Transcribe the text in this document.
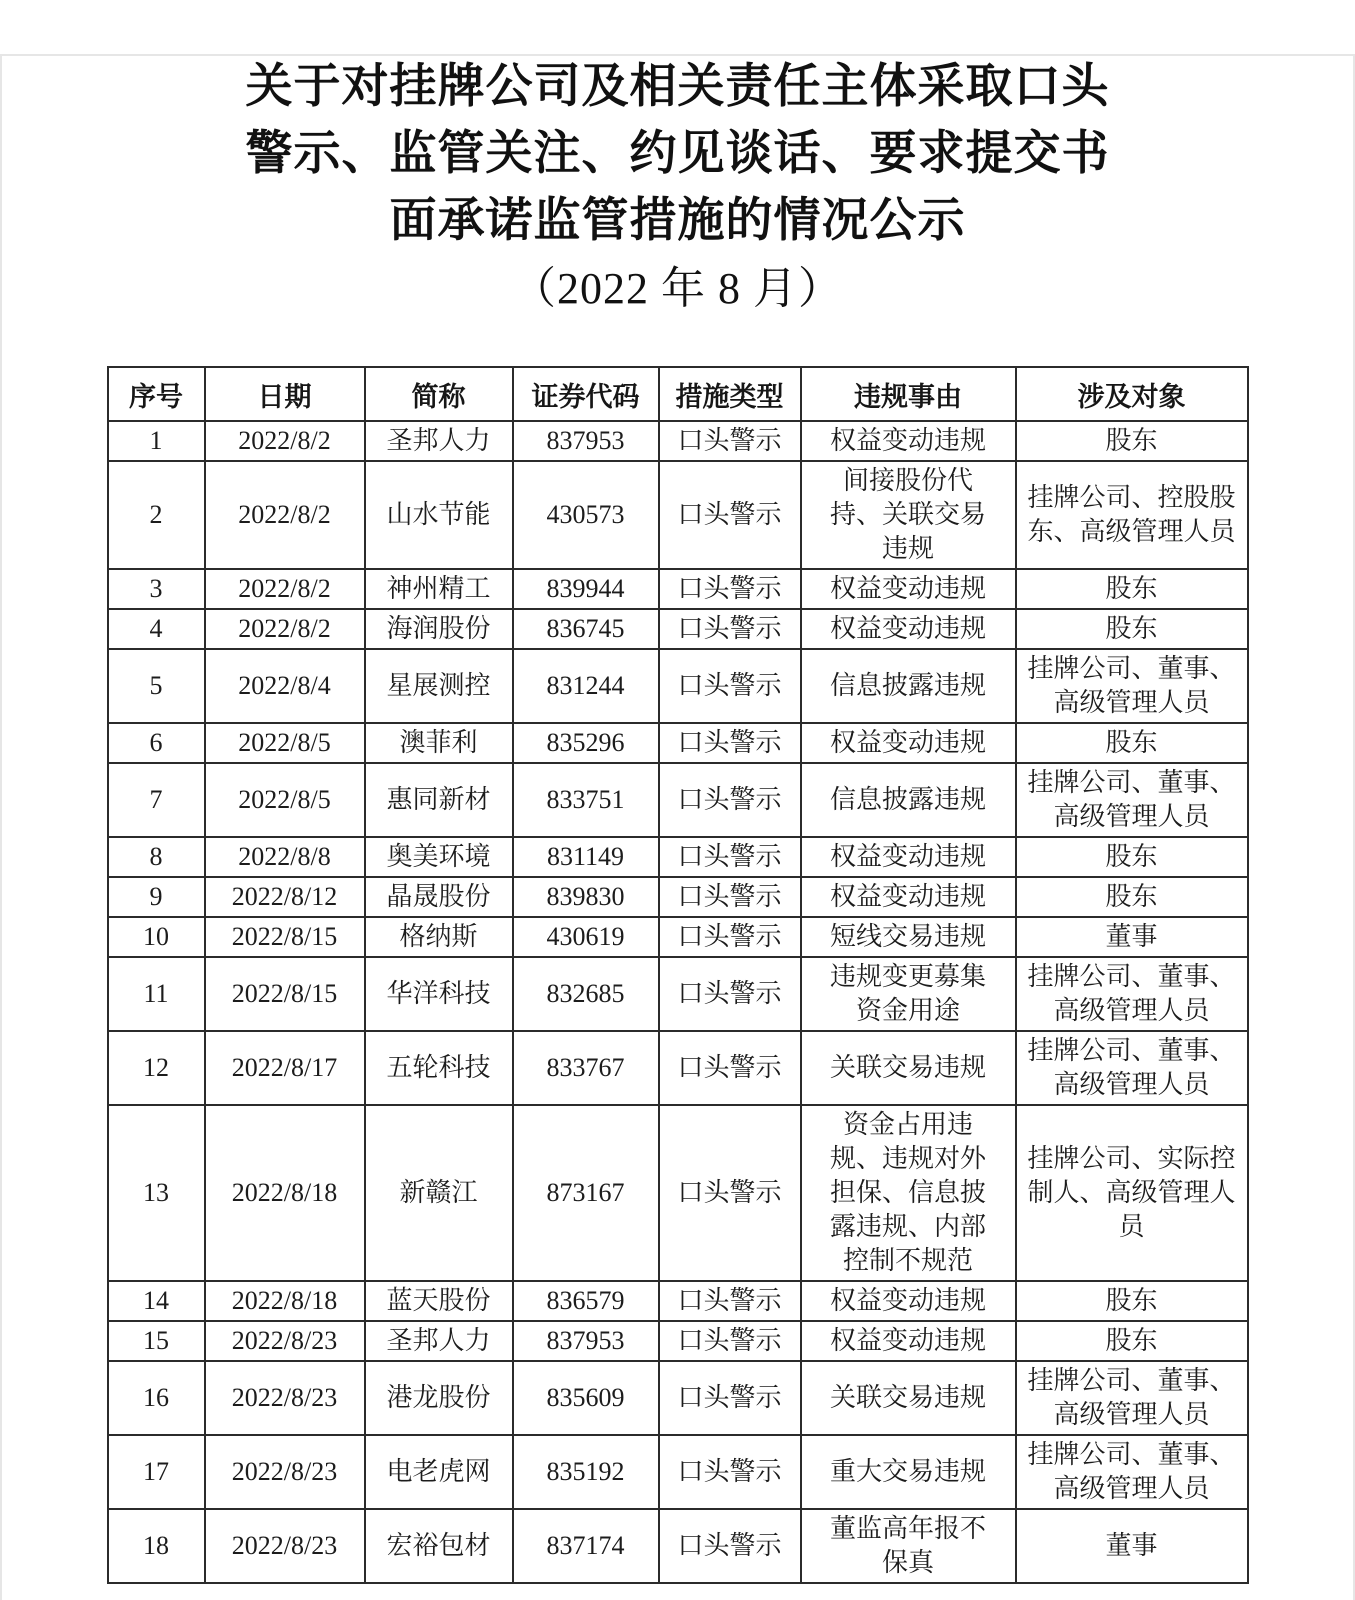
关于对挂牌公司及相关责任主体采取口头
警示、监管关注、约见谈话、要求提交书
面承诺监管措施的情况公示
（2022 年 8 月）
序号	日期	简称	证券代码	措施类型	违规事由	涉及对象

1	2022/8/2	圣邦人力	837953	口头警示	权益变动违规	股东

2	2022/8/2	山水节能	430573	口头警示	间接股份代持、关联交易违规	挂牌公司、控股股东、高级管理人员

3	2022/8/2	神州精工	839944	口头警示	权益变动违规	股东

4	2022/8/2	海润股份	836745	口头警示	权益变动违规	股东

5	2022/8/4	星展测控	831244	口头警示	信息披露违规	挂牌公司、董事、高级管理人员

6	2022/8/5	澳菲利	835296	口头警示	权益变动违规	股东

7	2022/8/5	惠同新材	833751	口头警示	信息披露违规	挂牌公司、董事、高级管理人员

8	2022/8/8	奥美环境	831149	口头警示	权益变动违规	股东

9	2022/8/12	晶晟股份	839830	口头警示	权益变动违规	股东

10	2022/8/15	格纳斯	430619	口头警示	短线交易违规	董事

11	2022/8/15	华洋科技	832685	口头警示	违规变更募集资金用途	挂牌公司、董事、高级管理人员

12	2022/8/17	五轮科技	833767	口头警示	关联交易违规	挂牌公司、董事、高级管理人员

13	2022/8/18	新赣江	873167	口头警示	资金占用违规、违规对外担保、信息披露违规、内部控制不规范	挂牌公司、实际控制人、高级管理人员

14	2022/8/18	蓝天股份	836579	口头警示	权益变动违规	股东

15	2022/8/23	圣邦人力	837953	口头警示	权益变动违规	股东

16	2022/8/23	港龙股份	835609	口头警示	关联交易违规	挂牌公司、董事、高级管理人员

17	2022/8/23	电老虎网	835192	口头警示	重大交易违规	挂牌公司、董事、高级管理人员

18	2022/8/23	宏裕包材	837174	口头警示	董监高年报不保真	董事
